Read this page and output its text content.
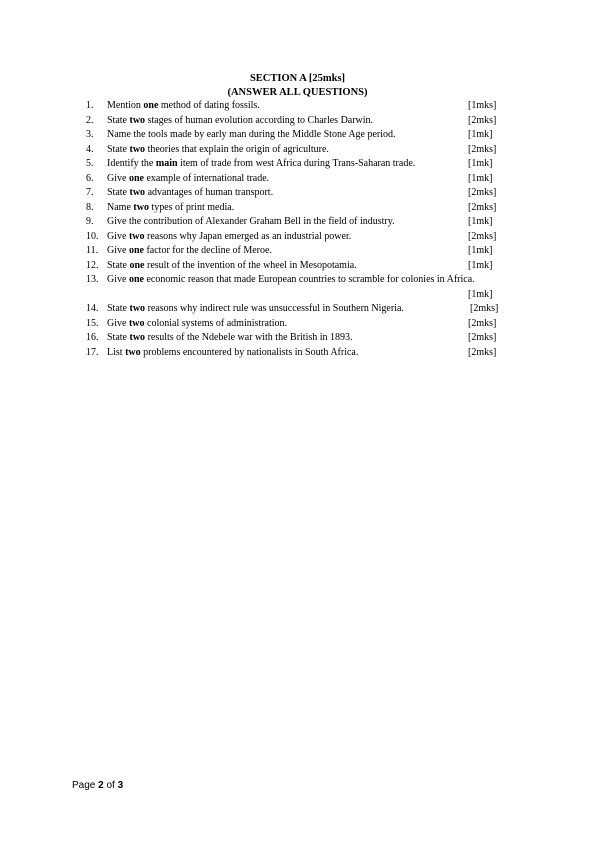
SECTION A [25mks]
(ANSWER ALL QUESTIONS)
1.	Mention one method of dating fossils.	[1mks]
2.	State two stages of human evolution according to Charles Darwin.	[2mks]
3.	Name the tools made by early man during the Middle Stone Age period.	[1mk]
4.	State two theories that explain the origin of agriculture.	[2mks]
5.	Identify the main item of trade from west Africa during Trans-Saharan trade.	[1mk]
6.	Give one example of international trade.	[1mk]
7.	State two advantages of human transport.	[2mks]
8.	Name two types of print media.	[2mks]
9.	Give the contribution of Alexander Graham Bell in the field of industry.	[1mk]
10. Give two reasons why Japan emerged as an industrial power.	[2mks]
11. Give one factor for the decline of Meroe.	[1mk]
12. State one result of the invention of the wheel in Mesopotamia.	[1mk]
13. Give one economic reason that made European countries to scramble for colonies in Africa.
[1mk]
14. State two reasons why indirect rule was unsuccessful in Southern Nigeria.	[2mks]
15. Give two colonial systems of administration.	[2mks]
16. State two results of the Ndebele war with the British in 1893.	[2mks]
17. List two problems encountered by nationalists in South Africa.	[2mks]
Page 2 of 3
